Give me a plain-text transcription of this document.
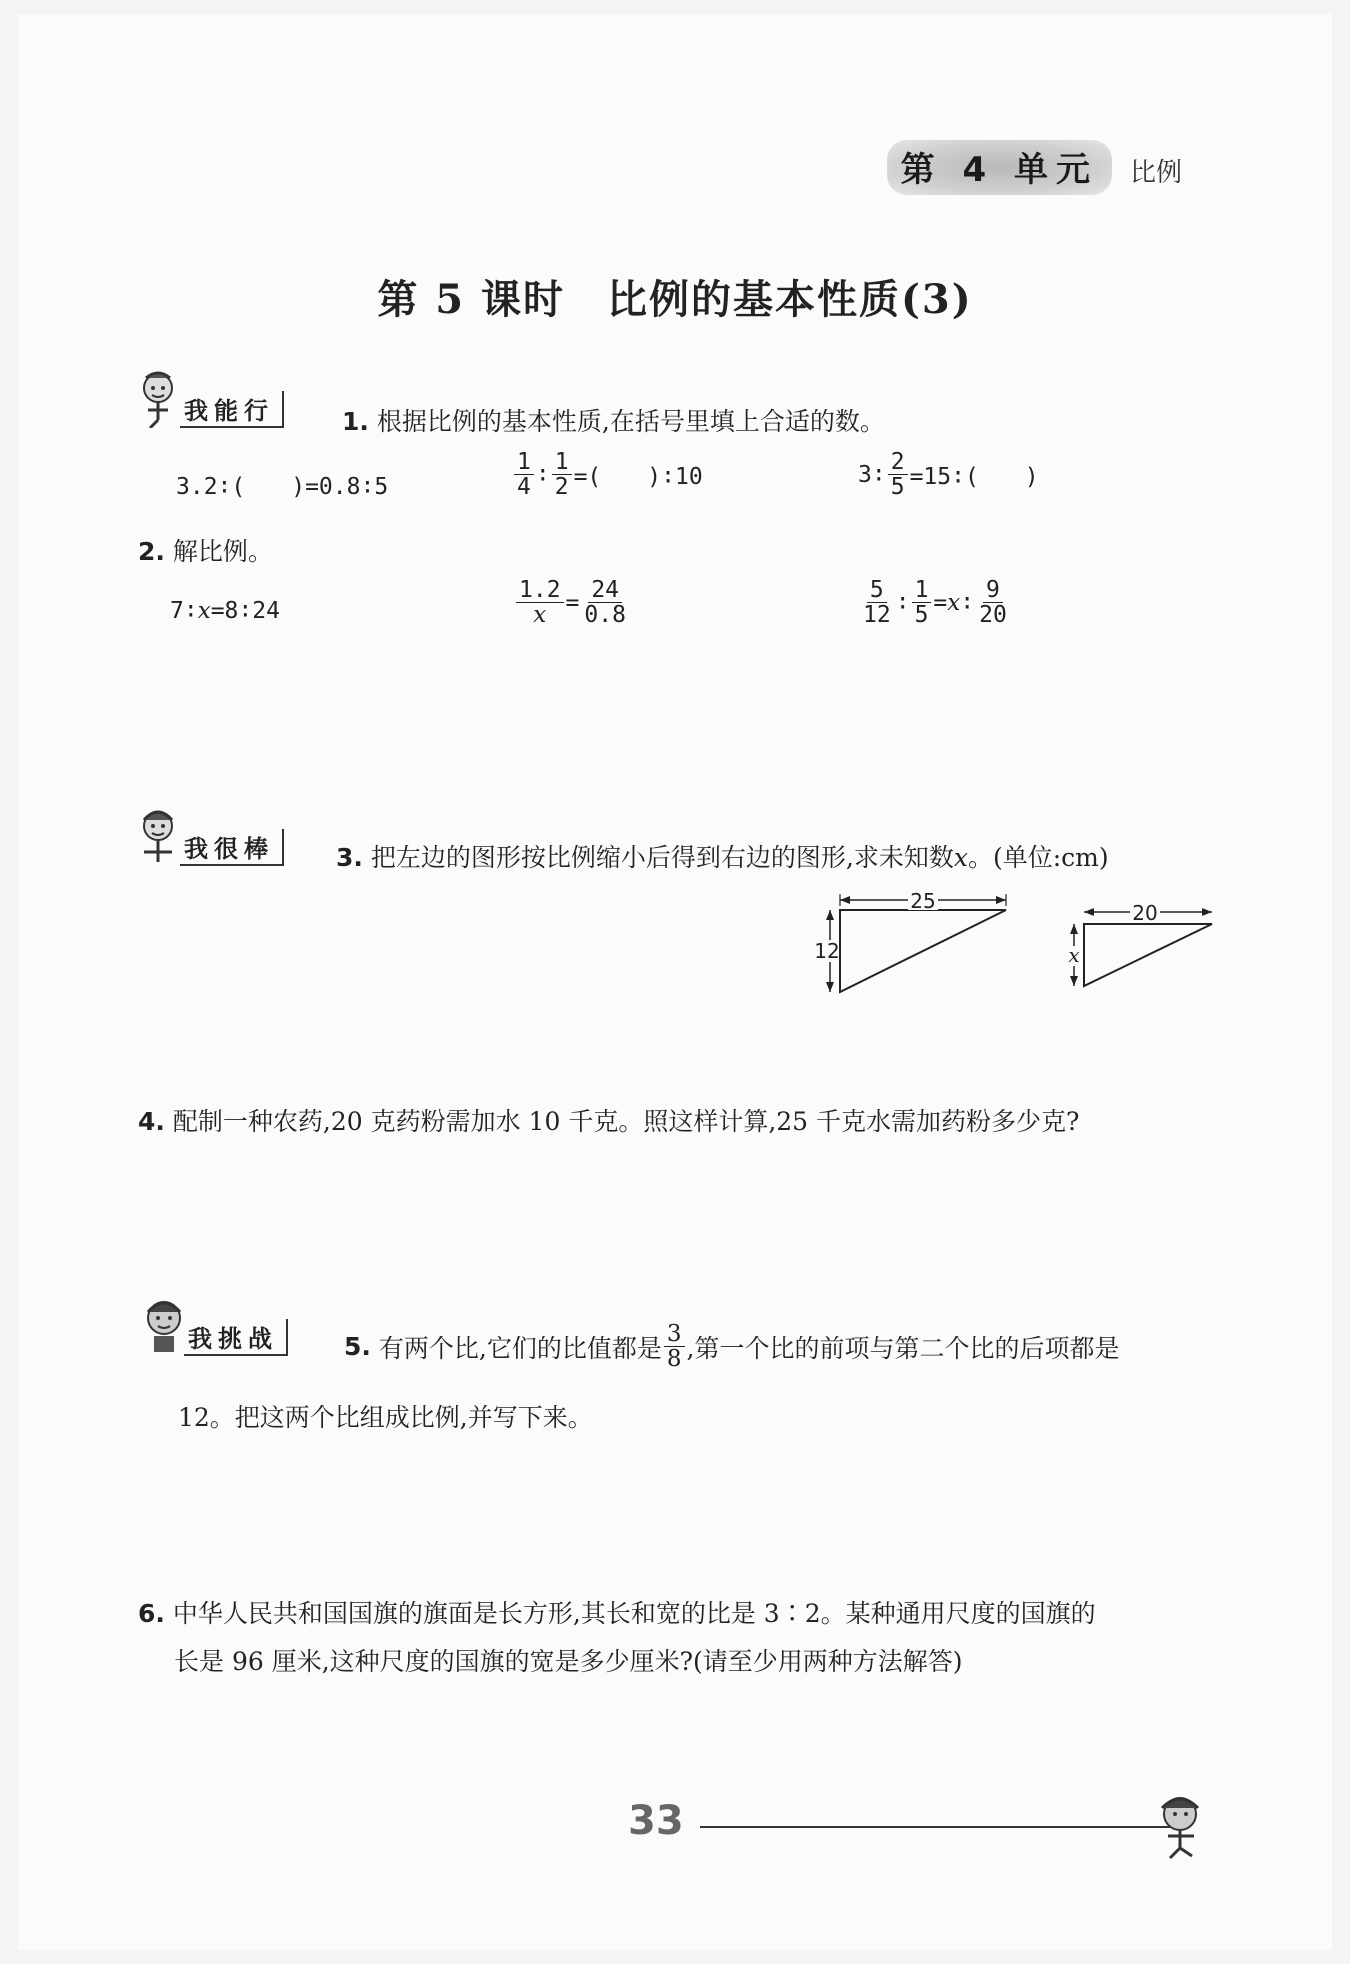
第 4 单元	比例
第 5 课时　比例的基本性质(3)
我能行	1. 根据比例的基本性质,在括号里填上合适的数。
3.2∶(　　)=0.8∶5	$\frac{1}{4}$ ∶ $\frac{1}{2}$ =(　　)∶10	3∶ $\frac{2}{5}$ =15∶(　　)
2. 解比例。
7∶x=8∶24	$\frac{1.2}{x} = \frac{24}{0.8}$	$\frac{5}{12}$ ∶ $\frac{1}{5} = x$ ∶ $\frac{9}{20}$
我很棒	3. 把左边的图形按比例缩小后得到右边的图形,求未知数x。(单位:cm)
25
12
20
x
4. 配制一种农药,20 克药粉需加水 10 千克。照这样计算,25 千克水需加药粉多少克?
我挑战	5. 有两个比,它们的比值都是 $\frac{3}{8}$ ,第一个比的前项与第二个比的后项都是
12。把这两个比组成比例,并写下来。
6. 中华人民共和国国旗的旗面是长方形,其长和宽的比是 3∶2。某种通用尺度的国旗的
长是 96 厘米,这种尺度的国旗的宽是多少厘米?(请至少用两种方法解答)
33
